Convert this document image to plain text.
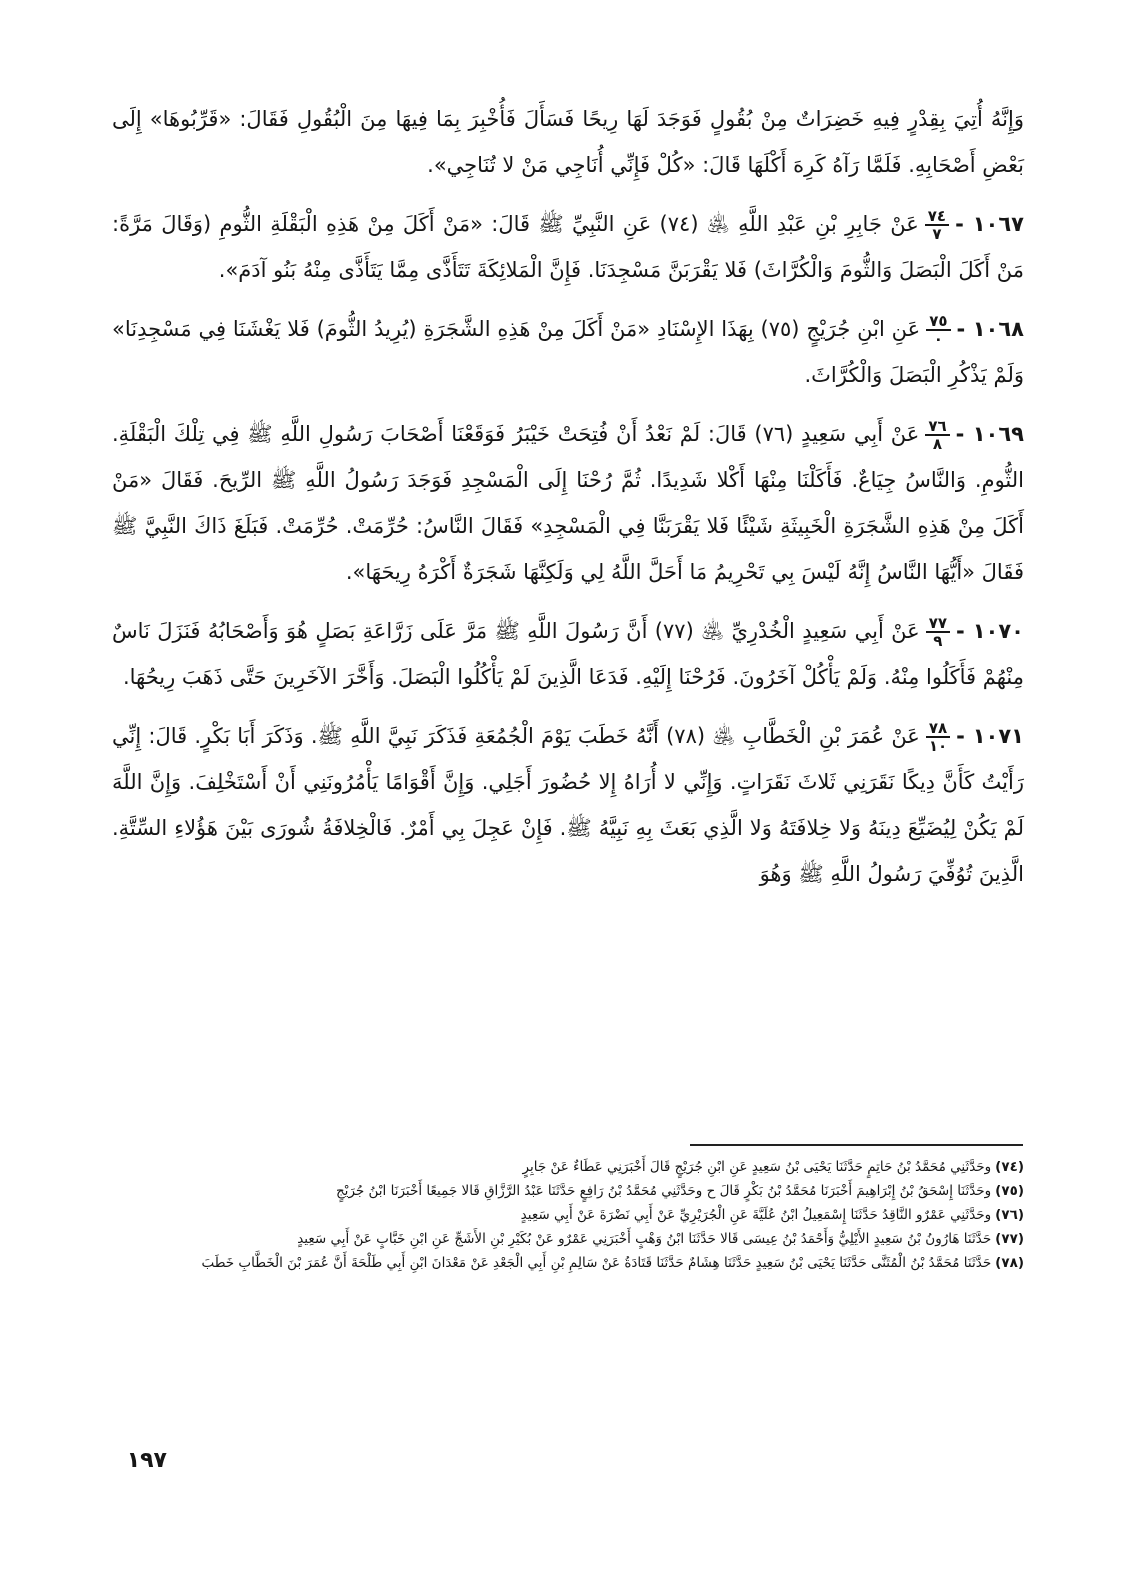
وَإِنَّهُ أُتِيَ بِقِدْرٍ فِيهِ خَضِرَاتٌ مِنْ بُقُولٍ فَوَجَدَ لَهَا رِيحًا فَسَأَلَ فَأُخْبِرَ بِمَا فِيهَا مِنَ الْبُقُولِ فَقَالَ: «قَرِّبُوهَا» إِلَى بَعْضِ أَصْحَابِهِ. فَلَمَّا رَآهُ كَرِهَ أَكْلَهَا قَالَ: «كُلْ فَإِنِّي أُنَاجِي مَنْ لا تُنَاجِي».

١٠٦٧ -
$\frac{٧٤}{٧}$
عَنْ جَابِرِ بْنِ عَبْدِ اللَّهِ ﵁ (٧٤) عَنِ النَّبِيِّ ﷺ قَالَ: «مَنْ أَكَلَ مِنْ هَذِهِ الْبَقْلَةِ الثُّومِ (وَقَالَ مَرَّةً: مَنْ أَكَلَ الْبَصَلَ وَالثُّومَ وَالْكُرَّاثَ) فَلا يَقْرَبَنَّ مَسْجِدَنَا. فَإِنَّ الْمَلائِكَةَ تَتَأَذَّى مِمَّا يَتَأَذَّى مِنْهُ بَنُو آدَمَ».

١٠٦٨ -
$\frac{٧٥}{٠}$
عَنِ ابْنِ جُرَيْجٍ (٧٥) بِهَذَا الإِسْنَادِ «مَنْ أَكَلَ مِنْ هَذِهِ الشَّجَرَةِ (يُرِيدُ الثُّومَ) فَلا يَغْشَنَا فِي مَسْجِدِنَا» وَلَمْ يَذْكُرِ الْبَصَلَ وَالْكُرَّاثَ.

١٠٦٩ -
$\frac{٧٦}{٨}$
عَنْ أَبِي سَعِيدٍ (٧٦) قَالَ: لَمْ نَعْدُ أَنْ فُتِحَتْ خَيْبَرُ فَوَقَعْنَا أَصْحَابَ رَسُولِ اللَّهِ ﷺ فِي تِلْكَ الْبَقْلَةِ. الثُّومِ. وَالنَّاسُ جِيَاعٌ. فَأَكَلْنَا مِنْهَا أَكْلا شَدِيدًا. ثُمَّ رُحْنَا إِلَى الْمَسْجِدِ فَوَجَدَ رَسُولُ اللَّهِ ﷺ الرِّيحَ. فَقَالَ «مَنْ أَكَلَ مِنْ هَذِهِ الشَّجَرَةِ الْخَبِيثَةِ شَيْئًا فَلا يَقْرَبَنَّا فِي الْمَسْجِدِ» فَقَالَ النَّاسُ: حُرِّمَتْ. حُرِّمَتْ. فَبَلَغَ ذَاكَ النَّبِيَّ ﷺ فَقَالَ «أَيُّهَا النَّاسُ إِنَّهُ لَيْسَ بِي تَحْرِيمُ مَا أَحَلَّ اللَّهُ لِي وَلَكِنَّهَا شَجَرَةٌ أَكْرَهُ رِيحَهَا».

١٠٧٠ -
$\frac{٧٧}{٩}$
عَنْ أَبِي سَعِيدٍ الْخُدْرِيِّ ﵁ (٧٧) أَنَّ رَسُولَ اللَّهِ ﷺ مَرَّ عَلَى زَرَّاعَةِ بَصَلٍ هُوَ وَأَصْحَابُهُ فَنَزَلَ نَاسٌ مِنْهُمْ فَأَكَلُوا مِنْهُ. وَلَمْ يَأْكُلْ آخَرُونَ. فَرُحْنَا إِلَيْهِ. فَدَعَا الَّذِينَ لَمْ يَأْكُلُوا الْبَصَلَ. وَأَخَّرَ الآخَرِينَ حَتَّى ذَهَبَ رِيحُهَا.

١٠٧١ -
$\frac{٧٨}{١٠}$
عَنْ عُمَرَ بْنِ الْخَطَّابِ ﵁ (٧٨) أَنَّهُ خَطَبَ يَوْمَ الْجُمُعَةِ فَذَكَرَ نَبِيَّ اللَّهِ ﷺ. وَذَكَرَ أَبَا بَكْرٍ. قَالَ: إِنِّي رَأَيْتُ كَأَنَّ دِيكًا نَقَرَنِي ثَلاثَ نَقَرَاتٍ. وَإِنِّي لا أُرَاهُ إِلا حُضُورَ أَجَلِي. وَإِنَّ أَقْوَامًا يَأْمُرُونَنِي أَنْ أَسْتَخْلِفَ. وَإِنَّ اللَّهَ لَمْ يَكُنْ لِيُضَيِّعَ دِينَهُ وَلا خِلافَتَهُ وَلا الَّذِي بَعَثَ بِهِ نَبِيَّهُ ﷺ. فَإِنْ عَجِلَ بِي أَمْرٌ. فَالْخِلافَةُ شُورَى بَيْنَ هَؤُلاءِ السِّتَّةِ. الَّذِينَ تُوُفِّيَ رَسُولُ اللَّهِ ﷺ وَهُوَ

(٧٤)وحَدَّثَنِي مُحَمَّدُ بْنُ حَاتِمٍ حَدَّثَنَا يَحْيَى بْنُ سَعِيدٍ عَنِ ابْنِ جُرَيْجٍ قَالَ أَخْبَرَنِي عَطَاءٌ عَنْ جَابِرٍ

(٧٥)وحَدَّثَنَا إِسْحَقُ بْنُ إِبْرَاهِيمَ أَخْبَرَنَا مُحَمَّدُ بْنُ بَكْرٍ قَالَ ح وحَدَّثَنِي مُحَمَّدُ بْنُ رَافِعٍ حَدَّثَنَا عَبْدُ الرَّزَّاقِ قَالا جَمِيعًا أَخْبَرَنَا ابْنُ جُرَيْجٍ

(٧٦)وحَدَّثَنِي عَمْرٌو النَّاقِدُ حَدَّثَنَا إِسْمَعِيلُ ابْنُ عُلَيَّةَ عَنِ الْجُرَيْرِيِّ عَنْ أَبِي نَضْرَةَ عَنْ أَبِي سَعِيدٍ

(٧٧)حَدَّثَنَا هَارُونُ بْنُ سَعِيدٍ الأَيْلِيُّ وَأَحْمَدُ بْنُ عِيسَى قَالا حَدَّثَنَا ابْنُ وَهْبٍ أَخْبَرَنِي عَمْرٌو عَنْ بُكَيْرِ بْنِ الأَشَجِّ عَنِ ابْنِ خَبَّابٍ عَنْ أَبِي سَعِيدٍ

(٧٨)حَدَّثَنَا مُحَمَّدُ بْنُ الْمُثَنَّى حَدَّثَنَا يَحْيَى بْنُ سَعِيدٍ حَدَّثَنَا هِشَامٌ حَدَّثَنَا قَتَادَةُ عَنْ سَالِمِ بْنِ أَبِي الْجَعْدِ عَنْ مَعْدَانَ ابْنِ أَبِي طَلْحَةَ أَنَّ عُمَرَ بْنَ الْخَطَّابِ خَطَبَ

١٩٧
